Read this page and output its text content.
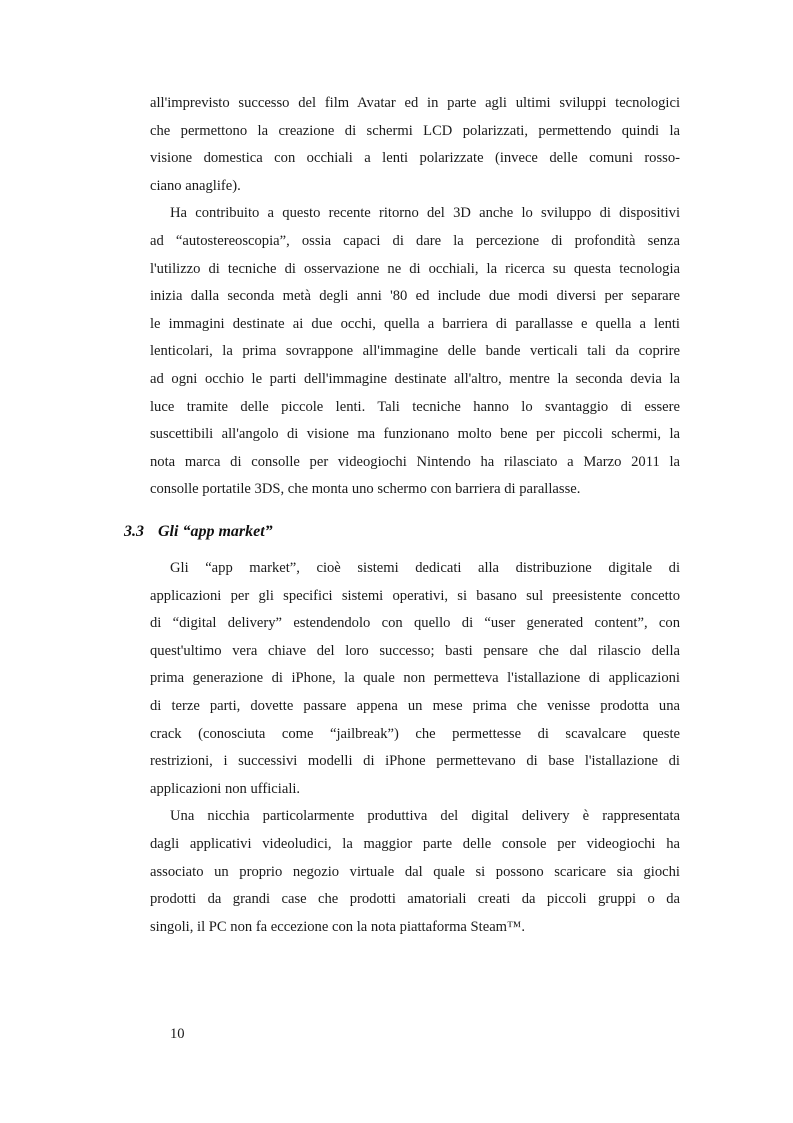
all'imprevisto successo del film Avatar ed in parte agli ultimi sviluppi tecnologici
che permettono la creazione di schermi LCD polarizzati, permettendo quindi la
visione domestica con occhiali a lenti polarizzate (invece delle comuni rosso-
ciano anaglife).
Ha contribuito a questo recente ritorno del 3D anche lo sviluppo di dispositivi
ad “autostereoscopia”, ossia capaci di dare la percezione di profondità senza
l'utilizzo di tecniche di osservazione ne di occhiali, la ricerca su questa tecnologia
inizia dalla seconda metà degli anni '80 ed include due modi diversi per separare
le immagini destinate ai due occhi, quella a barriera di parallasse e quella a lenti
lenticolari, la prima sovrappone all'immagine delle bande verticali tali da coprire
ad ogni occhio le parti dell'immagine destinate all'altro, mentre la seconda devia la
luce tramite delle piccole lenti. Tali tecniche hanno lo svantaggio di essere
suscettibili all'angolo di visione ma funzionano molto bene per piccoli schermi, la
nota marca di consolle per videogiochi Nintendo ha rilasciato a Marzo 2011 la
consolle portatile 3DS, che monta uno schermo con barriera di parallasse.
3.3 Gli “app market”
Gli “app market”, cioè sistemi dedicati alla distribuzione digitale di
applicazioni per gli specifici sistemi operativi, si basano sul preesistente concetto
di “digital delivery” estendendolo con quello di “user generated content”, con
quest'ultimo vera chiave del loro successo; basti pensare che dal rilascio della
prima generazione di iPhone, la quale non permetteva l'istallazione di applicazioni
di terze parti, dovette passare appena un mese prima che venisse prodotta una
crack (conosciuta come “jailbreak”) che permettesse di scavalcare queste
restrizioni, i successivi modelli di iPhone permettevano di base l'istallazione di
applicazioni non ufficiali.
Una nicchia particolarmente produttiva del digital delivery è rappresentata
dagli applicativi videoludici, la maggior parte delle console per videogiochi ha
associato un proprio negozio virtuale dal quale si possono scaricare sia giochi
prodotti da grandi case che prodotti amatoriali creati da piccoli gruppi o da
singoli, il PC non fa eccezione con la nota piattaforma Steam™.
10
